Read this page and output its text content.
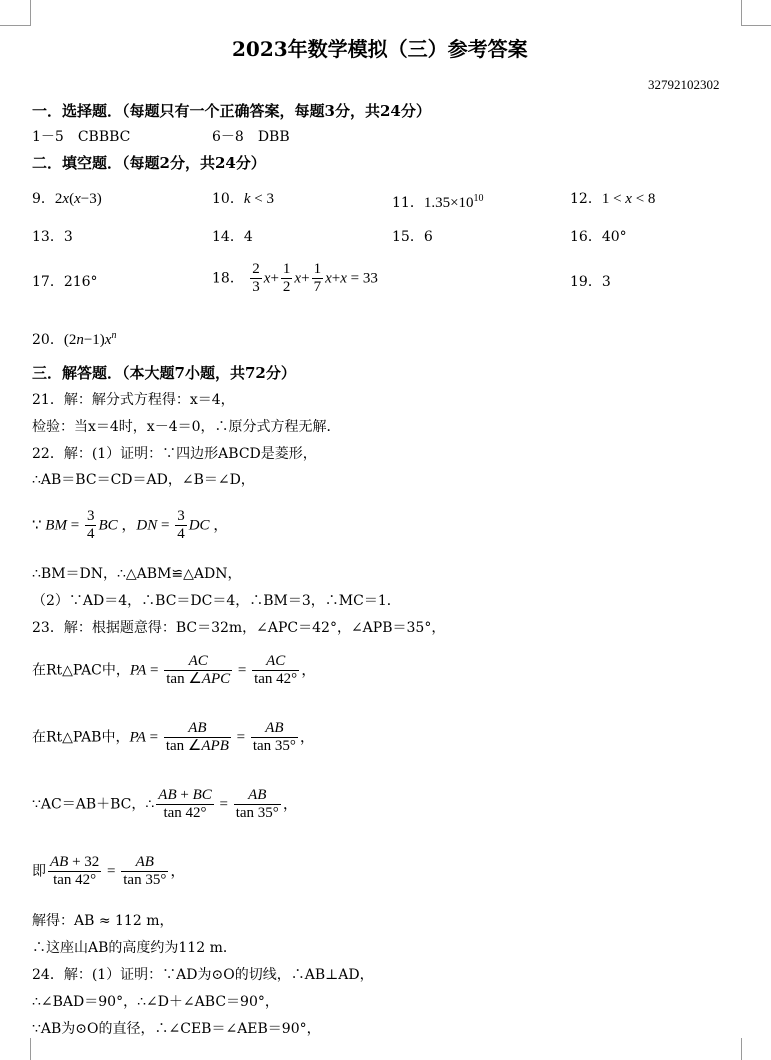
2023年数学模拟（三）参考答案
32792102302
一．选择题．（每题只有一个正确答案，每题3分，共24分）
1－5　CBBBC	6－8　DBB
二．填空题．（每题2分，共24分）
9．2x(x−3)	10．k < 3	11．$1.35\times 10^{10}$	12．1 < x < 8
13．3	14．4	15．6	16．40°
17．216°	18． $\frac{2}{3} x+ \frac{1}{2} x+ \frac{1}{7} x+x = 33$	19．3
20．$(2n-1)x^n$
三．解答题．（本大题7小题，共72分）
21．解：解分式方程得：x＝4，
检验：当x＝4时，x－4＝0，∴原分式方程无解．
22．解：(1）证明：∵四边形ABCD是菱形，
∴AB＝BC＝CD＝AD，∠B＝∠D，
∵ BM = $\frac{3}{4}$ BC ，DN = $\frac{3}{4}$ DC ，
∴BM＝DN，∴△ABM≌△ADN，
（2）∵AD＝4，∴BC＝DC＝4，∴BM＝3，∴MC＝1．
23．解：根据题意得：BC＝32m，∠APC＝42°，∠APB＝35°，
在Rt△PAC中，PA = $\frac{AC}{\text{tan ∠APC}} = \frac{AC}{\tan 42^\circ}$ ，
在Rt△PAB中，PA = $\frac{AB}{\text{tan ∠APB}} = \frac{AB}{\tan 35^\circ}$ ，
∵AC＝AB＋BC，∴ $\frac{AB + BC}{\tan 42^\circ} = \frac{AB}{\tan 35^\circ}$ ，
即 $\frac{AB + 32}{\tan 42^\circ} = \frac{AB}{\tan 35^\circ}$ ，
解得：AB ≈ 112 m，
∴这座山AB的高度约为112 m．
24．解：(1）证明：∵AD为⊙O的切线，∴AB⊥AD，
∴∠BAD＝90°，∴∠D＋∠ABC＝90°，
∵AB为⊙O的直径，∴∠CEB＝∠AEB＝90°，
